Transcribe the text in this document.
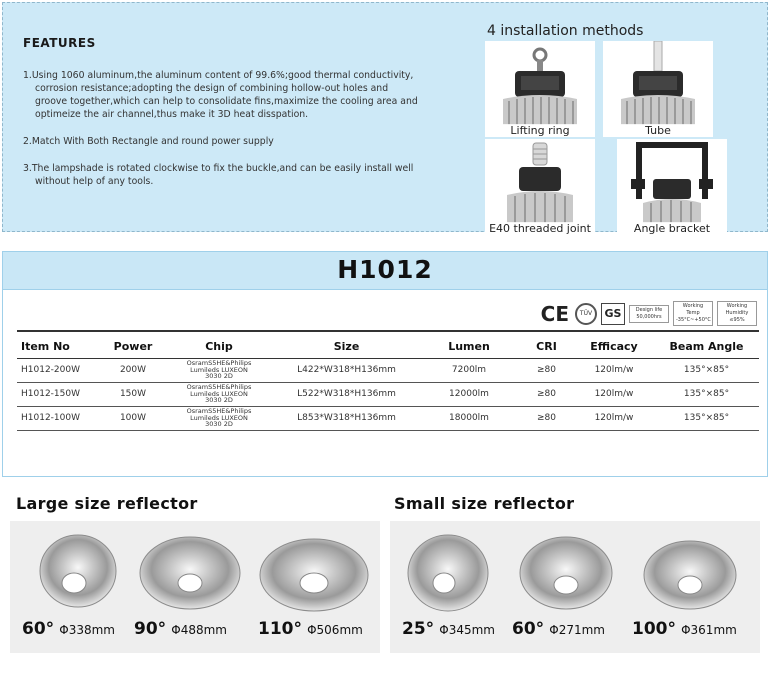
FEATURES

1.Using 1060 aluminum,the aluminum content of 99.6%;good thermal conductivity, corrosion resistance;adopting the design of combining hollow-out holes and groove together,which can help to consolidate fins,maximize the cooling area and optimeize the air channel,thus make it 3D heat disspation.

2.Match With Both Rectangle and round power supply

3.The lampshade is rotated clockwise to fix the buckle,and can be easily install well without help of any tools.

4 installation methods
Lifting ring	Tube
E40 threaded joint	Angle bracket
H1012
CE	TÜV	GS	Design life
50,000hrs
Working Temp
-35°C~+50°C
Working Humidity
≤95%
Item No	Power	Chip	Size	Lumen	CRI	Efficacy	Beam Angle
H1012-200W	200W	OsramS5HE&Philips
Lumileds LUXEON
3030 2D	L422*W318*H136mm	7200lm	≥80	120lm/w	135°×85°
H1012-150W	150W	OsramS5HE&Philips
Lumileds LUXEON
3030 2D	L522*W318*H136mm	12000lm	≥80	120lm/w	135°×85°
H1012-100W	100W	OsramS5HE&Philips
Lumileds LUXEON
3030 2D	L853*W318*H136mm	18000lm	≥80	120lm/w	135°×85°
Large size reflector	Small size reflector
60° Φ338mm 90° Φ488mm 110° Φ506mm 25° Φ345mm 60° Φ271mm 100° Φ361mm
